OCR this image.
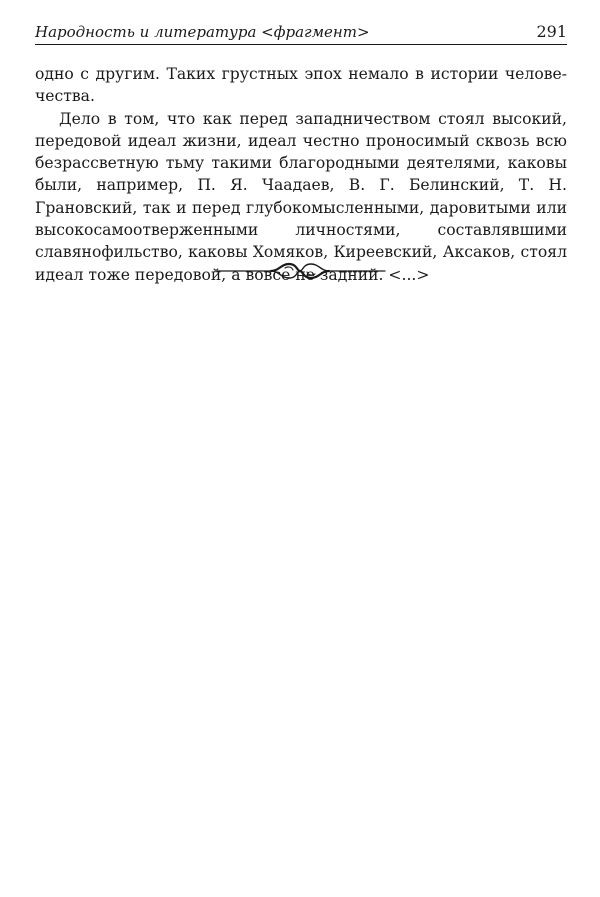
Народность и литература <фрагмент>	291

одно с другим. Таких грустных эпох немало в истории человечества.

Дело в том, что как перед западничеством стоял высокий, передовой идеал жизни, идеал честно проносимый сквозь всю безрассветную тьму такими благородными деятелями, каковы были, например, П. Я. Чаадаев, В. Г. Белинский, Т. Н. Грановский, так и перед глубокомысленными, даровитыми или высокосамоотверженными личностями, составлявшими славянофильство, каковы Хомяков, Киреевский, Аксаков, стоял идеал тоже передовой, а вовсе не задний. <...>
